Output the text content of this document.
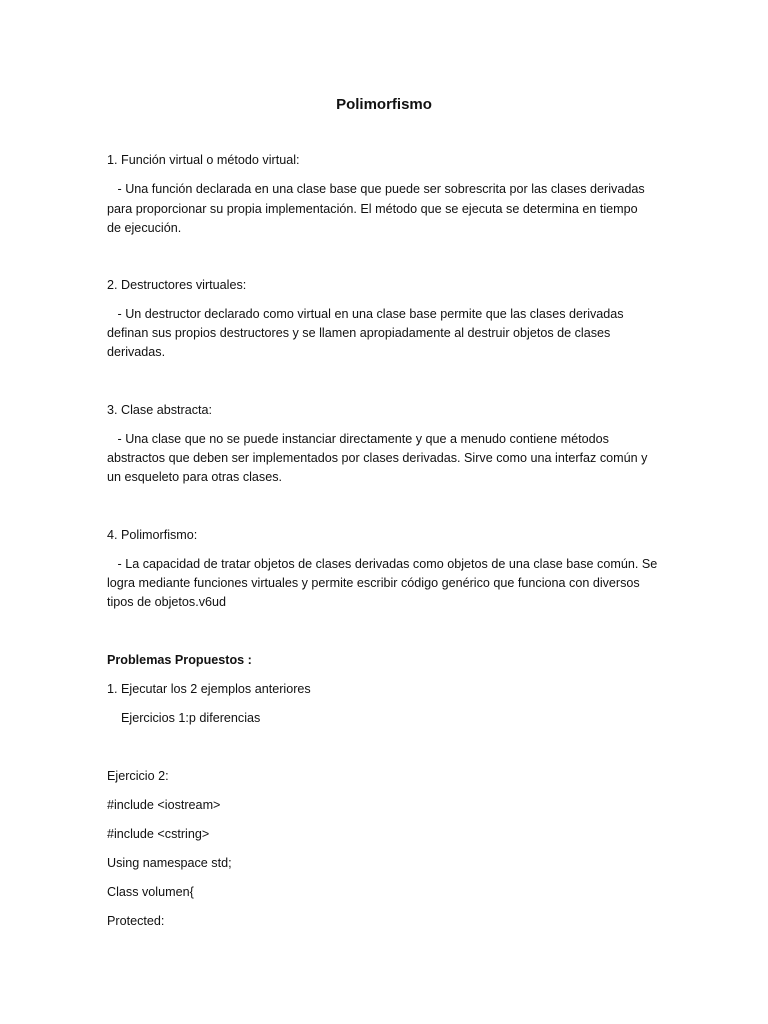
Polimorfismo
1. Función virtual o método virtual:
- Una función declarada en una clase base que puede ser sobrescrita por las clases derivadas
para proporcionar su propia implementación. El método que se ejecuta se determina en tiempo
de ejecución.
2. Destructores virtuales:
- Un destructor declarado como virtual en una clase base permite que las clases derivadas
definan sus propios destructores y se llamen apropiadamente al destruir objetos de clases
derivadas.
3. Clase abstracta:
- Una clase que no se puede instanciar directamente y que a menudo contiene métodos
abstractos que deben ser implementados por clases derivadas. Sirve como una interfaz común y
un esqueleto para otras clases.
4. Polimorfismo:
- La capacidad de tratar objetos de clases derivadas como objetos de una clase base común. Se
logra mediante funciones virtuales y permite escribir código genérico que funciona con diversos
tipos de objetos.v6ud
Problemas Propuestos :
1. Ejecutar los 2 ejemplos anteriores
Ejercicios 1:p diferencias
Ejercicio 2:
#include <iostream>
#include <cstring>
Using namespace std;
Class volumen{
Protected:
